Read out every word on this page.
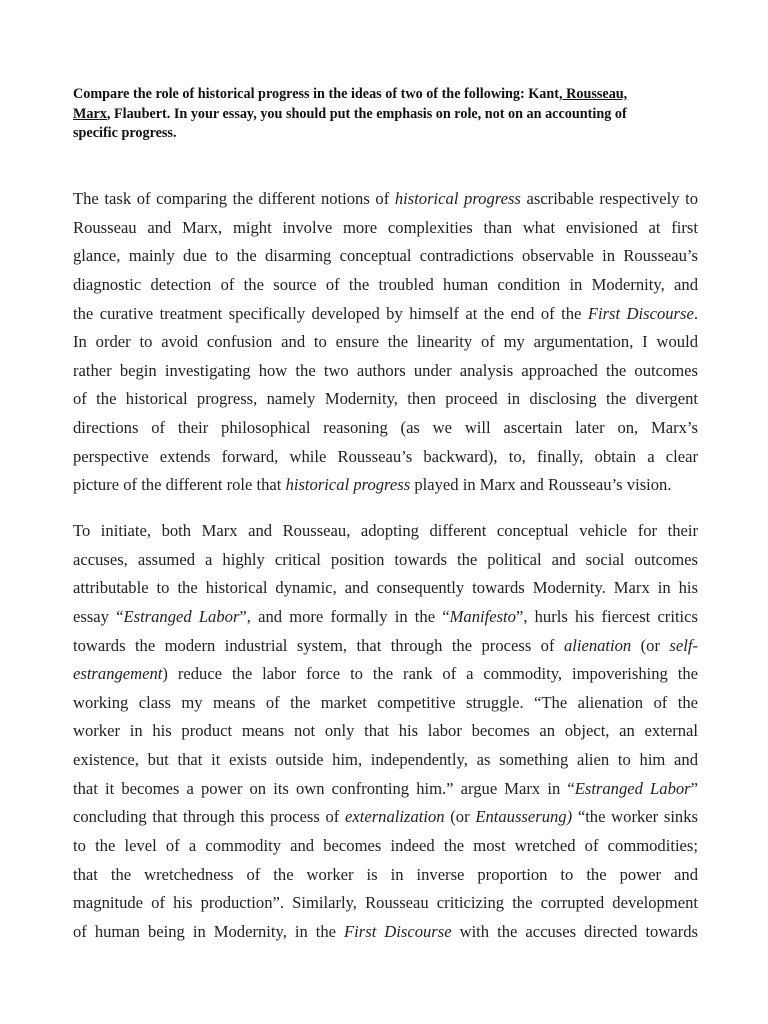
Compare the role of historical progress in the ideas of two of the following: Kant, Rousseau,
Marx, Flaubert. In your essay, you should put the emphasis on role, not on an accounting of
specific progress.
The task of comparing the different notions of historical progress ascribable respectively to
Rousseau and Marx, might involve more complexities than what envisioned at first
glance, mainly due to the disarming conceptual contradictions observable in Rousseau’s
diagnostic detection of the source of the troubled human condition in Modernity, and
the curative treatment specifically developed by himself at the end of the First Discourse.
In order to avoid confusion and to ensure the linearity of my argumentation, I would
rather begin investigating how the two authors under analysis approached the outcomes
of the historical progress, namely Modernity, then proceed in disclosing the divergent
directions of their philosophical reasoning (as we will ascertain later on, Marx’s
perspective extends forward, while Rousseau’s backward), to, finally, obtain a clear
picture of the different role that historical progress played in Marx and Rousseau’s vision.
To initiate, both Marx and Rousseau, adopting different conceptual vehicle for their
accuses, assumed a highly critical position towards the political and social outcomes
attributable to the historical dynamic, and consequently towards Modernity. Marx in his
essay “Estranged Labor”, and more formally in the “Manifesto”, hurls his fiercest critics
towards the modern industrial system, that through the process of alienation (or self-
estrangement) reduce the labor force to the rank of a commodity, impoverishing the
working class my means of the market competitive struggle. “The alienation of the
worker in his product means not only that his labor becomes an object, an external
existence, but that it exists outside him, independently, as something alien to him and
that it becomes a power on its own confronting him.” argue Marx in “Estranged Labor”
concluding that through this process of externalization (or Entausserung) “the worker sinks
to the level of a commodity and becomes indeed the most wretched of commodities;
that the wretchedness of the worker is in inverse proportion to the power and
magnitude of his production”. Similarly, Rousseau criticizing the corrupted development
of human being in Modernity, in the First Discourse with the accuses directed towards
